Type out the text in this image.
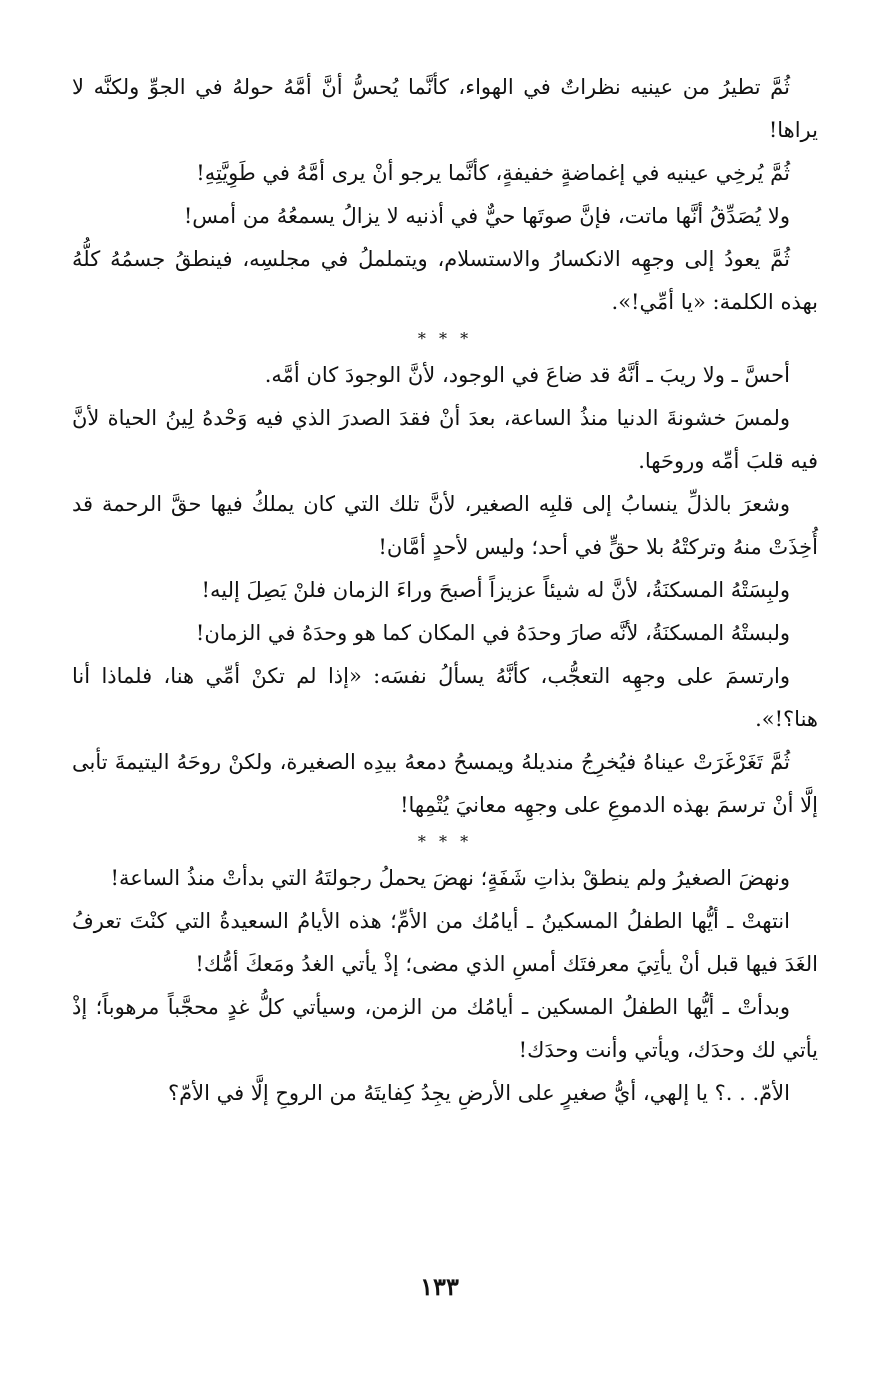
ثُمَّ تطيرُ من عينيه نظراتٌ في الهواء، كأنَّما يُحسُّ أنَّ أمَّهُ حولهُ في الجوِّ ولكنَّه لا يراها!

ثُمَّ يُرخِي عينيه في إغماضةٍ خفيفةٍ، كأنَّما يرجو أنْ يرى أمَّهُ في طَوِيَّتِهِ!

ولا يُصَدِّقُ أنَّها ماتت، فإنَّ صوتَها حيٌّ في أذنيه لا يزالُ يسمعُهُ من أمس!

ثُمَّ يعودُ إلى وجهِه الانكسارُ والاستسلام، ويتململُ في مجلسِه، فينطقُ جسمُهُ كلُّهُ بهذه الكلمة: «يا أمِّي!».

* * *

أحسَّ ـ ولا ريبَ ـ أنَّهُ قد ضاعَ في الوجود، لأنَّ الوجودَ كان أمَّه.

ولمسَ خشونةَ الدنيا منذُ الساعة، بعدَ أنْ فقدَ الصدرَ الذي فيه وَحْدهُ لِينُ الحياة لأنَّ فيه قلبَ أمِّه وروحَها.

وشعرَ بالذلِّ ينسابُ إلى قلبِه الصغير، لأنَّ تلك التي كان يملكُ فيها حقَّ الرحمة قد أُخِذَتْ منهُ وتركتْهُ بلا حقٍّ في أحد؛ وليس لأحدٍ أمَّان!

ولبِسَتْهُ المسكنَةُ، لأنَّ له شيئاً عزيزاً أصبحَ وراءَ الزمان فلنْ يَصِلَ إليه!

ولبستْهُ المسكنَةُ، لأنَّه صارَ وحدَهُ في المكان كما هو وحدَهُ في الزمان!

وارتسمَ على وجهِه التعجُّب، كأنَّهُ يسألُ نفسَه: «إذا لم تكنْ أمِّي هنا، فلماذا أنا هنا؟!».

ثُمَّ تَغَرْغَرَتْ عيناهُ فيُخرِجُ منديلهُ ويمسحُ دمعهُ بيدِه الصغيرة، ولكنْ روحَهُ اليتيمةَ تأبى إلَّا أنْ ترسمَ بهذه الدموعِ على وجهِه معانيَ يُتْمِها!

* * *

ونهضَ الصغيرُ ولم ينطقْ بذاتِ شَفَةٍ؛ نهضَ يحملُ رجولتَهُ التي بدأتْ منذُ الساعة!

انتهتْ ـ أيُّها الطفلُ المسكينُ ـ أيامُك من الأمِّ؛ هذه الأيامُ السعيدةُ التي كنْتَ تعرفُ الغَدَ فيها قبل أنْ يأتِيَ معرفتَك أمسِ الذي مضى؛ إذْ يأتي الغدُ ومَعكَ أمُّك!

وبدأتْ ـ أيُّها الطفلُ المسكين ـ أيامُك من الزمن، وسيأتي كلُّ غدٍ محجَّباً مرهوباً؛ إذْ يأتي لك وحدَك، ويأتي وأنت وحدَك!

الأمّ. . .؟ يا إلهي، أيُّ صغيرٍ على الأرضِ يجِدُ كِفايتَهُ من الروحِ إلَّا في الأمّ؟

١٣٣
